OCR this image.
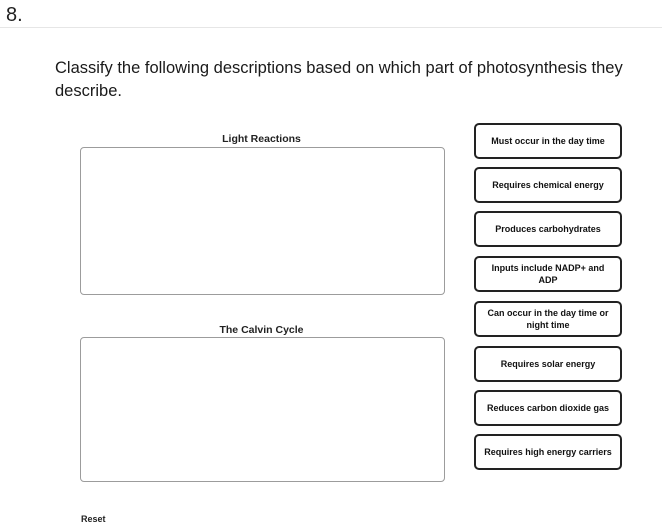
8.
Classify the following descriptions based on which part of photosynthesis they describe.
Light Reactions
The Calvin Cycle
Must occur in the day time
Requires chemical energy
Produces carbohydrates
Inputs include NADP+ and ADP
Can occur in the day time or night time
Requires solar energy
Reduces carbon dioxide gas
Requires high energy carriers
Reset
